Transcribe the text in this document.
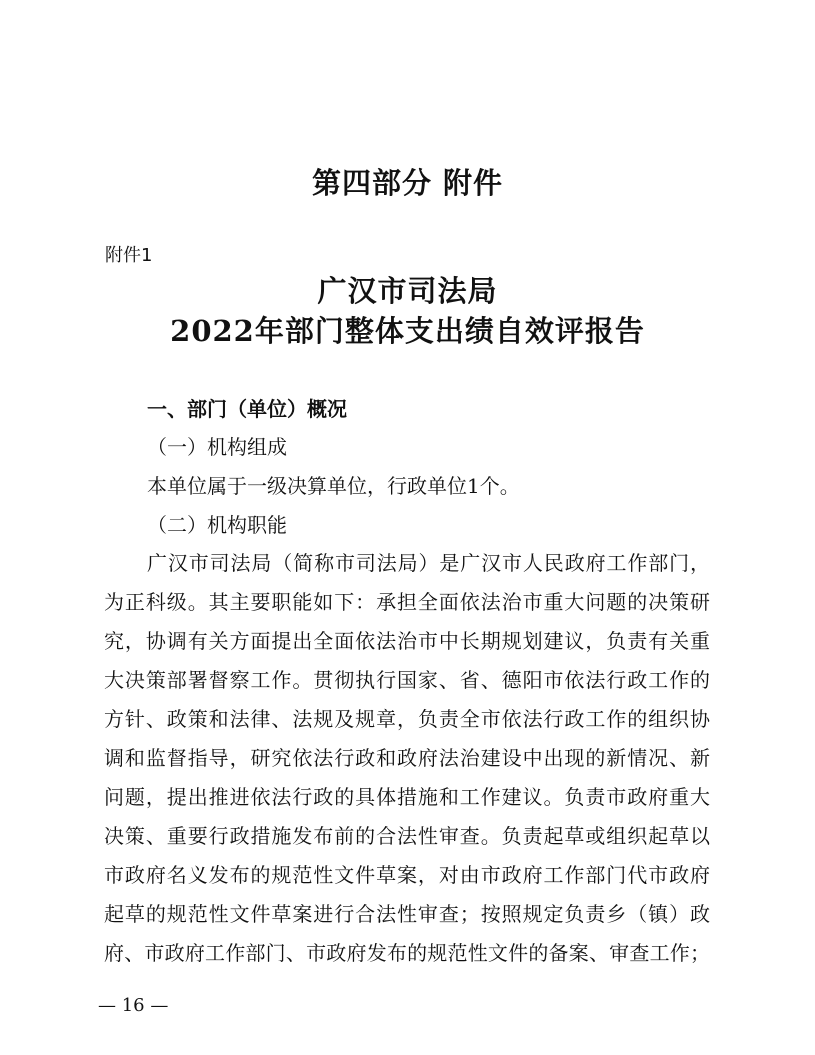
第四部分 附件
附件1
广汉市司法局
2022年部门整体支出绩自效评报告
一、部门（单位）概况
（一）机构组成
本单位属于一级决算单位，行政单位1个。
（二）机构职能
广汉市司法局（简称市司法局）是广汉市人民政府工作部门，
为正科级。其主要职能如下：承担全面依法治市重大问题的决策研
究，协调有关方面提出全面依法治市中长期规划建议，负责有关重
大决策部署督察工作。贯彻执行国家、省、德阳市依法行政工作的
方针、政策和法律、法规及规章，负责全市依法行政工作的组织协
调和监督指导，研究依法行政和政府法治建设中出现的新情况、新
问题，提出推进依法行政的具体措施和工作建议。负责市政府重大
决策、重要行政措施发布前的合法性审查。负责起草或组织起草以
市政府名义发布的规范性文件草案，对由市政府工作部门代市政府
起草的规范性文件草案进行合法性审查；按照规定负责乡（镇）政
府、市政府工作部门、市政府发布的规范性文件的备案、审查工作；
— 16 —
